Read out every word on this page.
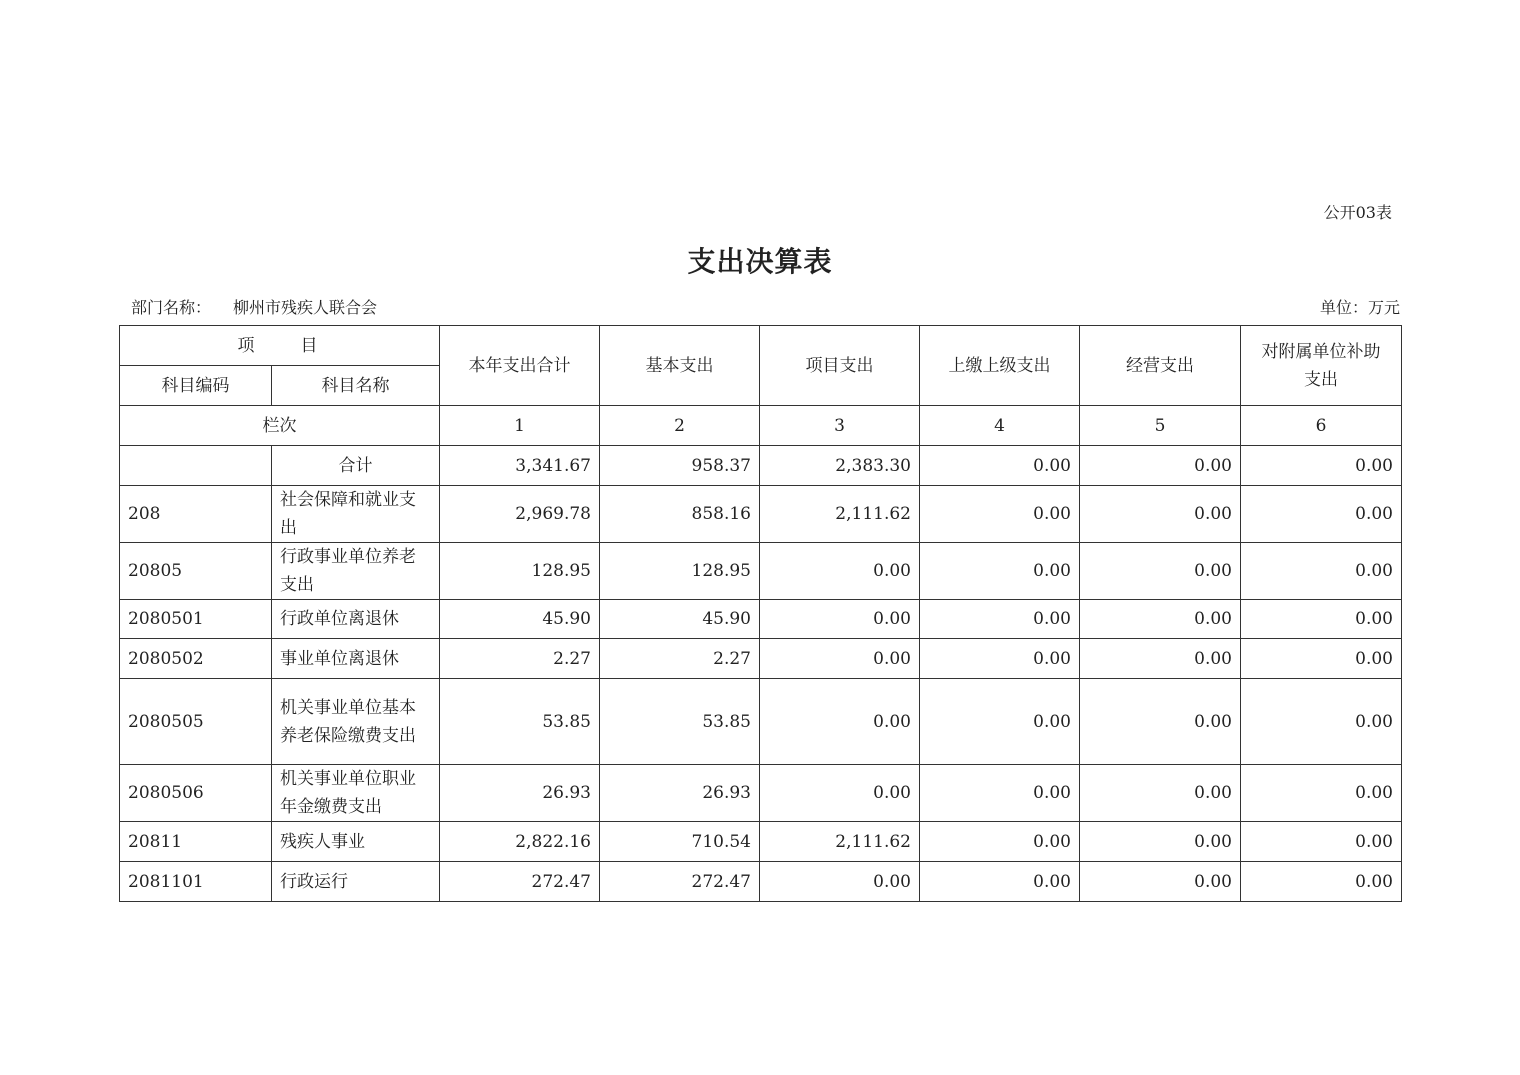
公开03表
支出决算表
部门名称： 柳州市残疾人联合会	单位：万元
项　　目		本年支出合计	基本支出	项目支出	上缴上级支出	经营支出	对附属单位补助支出
科目编码	科目名称						
栏次		1	2	3	4	5	6
	合计	3,341.67	958.37	2,383.30	0.00	0.00	0.00
208	社会保障和就业支出	2,969.78	858.16	2,111.62	0.00	0.00	0.00
20805	行政事业单位养老支出	128.95	128.95	0.00	0.00	0.00	0.00
2080501	行政单位离退休	45.90	45.90	0.00	0.00	0.00	0.00
2080502	事业单位离退休	2.27	2.27	0.00	0.00	0.00	0.00
2080505	机关事业单位基本养老保险缴费支出	53.85	53.85	0.00	0.00	0.00	0.00
2080506	机关事业单位职业年金缴费支出	26.93	26.93	0.00	0.00	0.00	0.00
20811	残疾人事业	2,822.16	710.54	2,111.62	0.00	0.00	0.00
2081101	行政运行	272.47	272.47	0.00	0.00	0.00	0.00
